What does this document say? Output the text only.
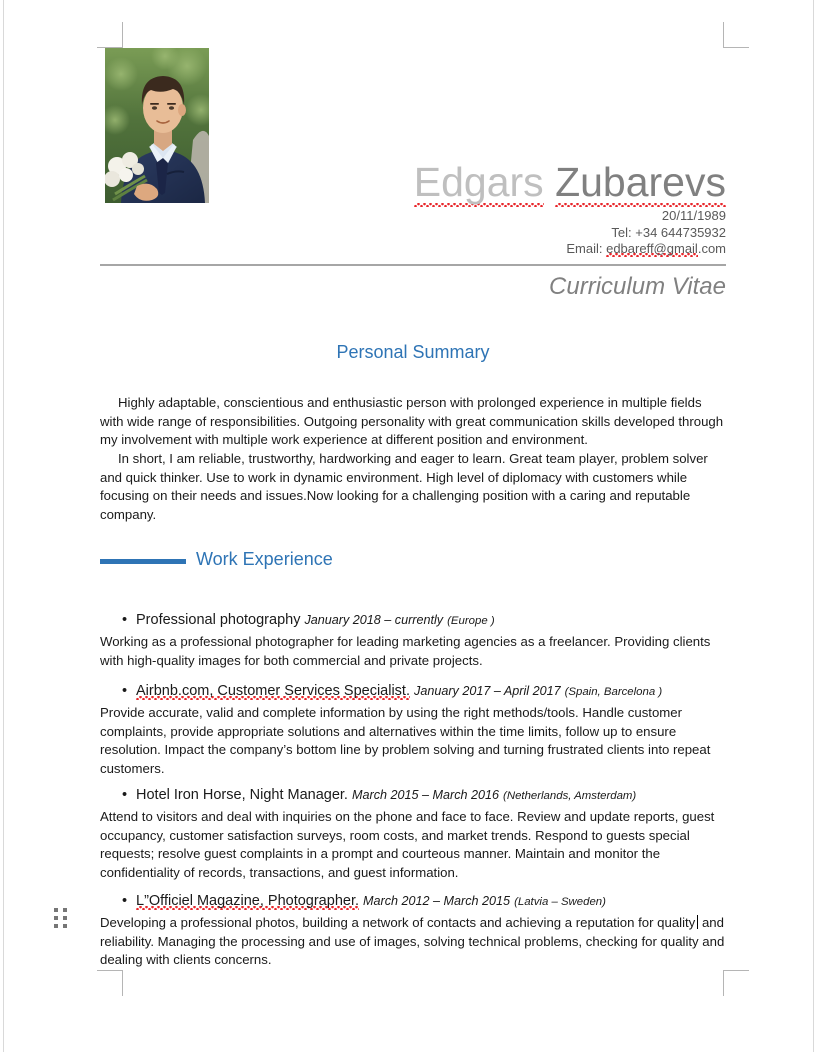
Edgars Zubarevs
20/11/1989
Tel: +34 644735932
Email: edbareff@gmail.com
Curriculum Vitae
Personal Summary
Highly adaptable, conscientious and enthusiastic person with prolonged experience in multiple fields with wide range of responsibilities. Outgoing personality with great communication skills developed through my involvement with multiple work experience at different position and environment.
In short, I am reliable, trustworthy, hardworking and eager to learn. Great team player, problem solver and quick thinker. Use to work in dynamic environment. High level of diplomacy with customers while focusing on their needs and issues.Now looking for a challenging position with a caring and reputable company.
Work Experience
• Professional photography January 2018 – currently (Europe )
Working as a professional photographer for leading marketing agencies as a freelancer. Providing clients with high-quality images for both commercial and private projects.
• Airbnb.com, Customer Services Specialist. January 2017 – April 2017 (Spain, Barcelona )
Provide accurate, valid and complete information by using the right methods/tools. Handle customer complaints, provide appropriate solutions and alternatives within the time limits, follow up to ensure resolution. Impact the company’s bottom line by problem solving and turning frustrated clients into repeat customers.
• Hotel Iron Horse, Night Manager. March 2015 – March 2016 (Netherlands, Amsterdam)
Attend to visitors and deal with inquiries on the phone and face to face. Review and update reports, guest occupancy, customer satisfaction surveys, room costs, and market trends. Respond to guests special requests; resolve guest complaints in a prompt and courteous manner. Maintain and monitor the confidentiality of records, transactions, and guest information.
• L”Officiel Magazine, Photographer. March 2012 – March 2015 (Latvia – Sweden)
Developing a professional photos, building a network of contacts and achieving a reputation for quality and reliability. Managing the processing and use of images, solving technical problems, checking for quality and dealing with clients concerns.
